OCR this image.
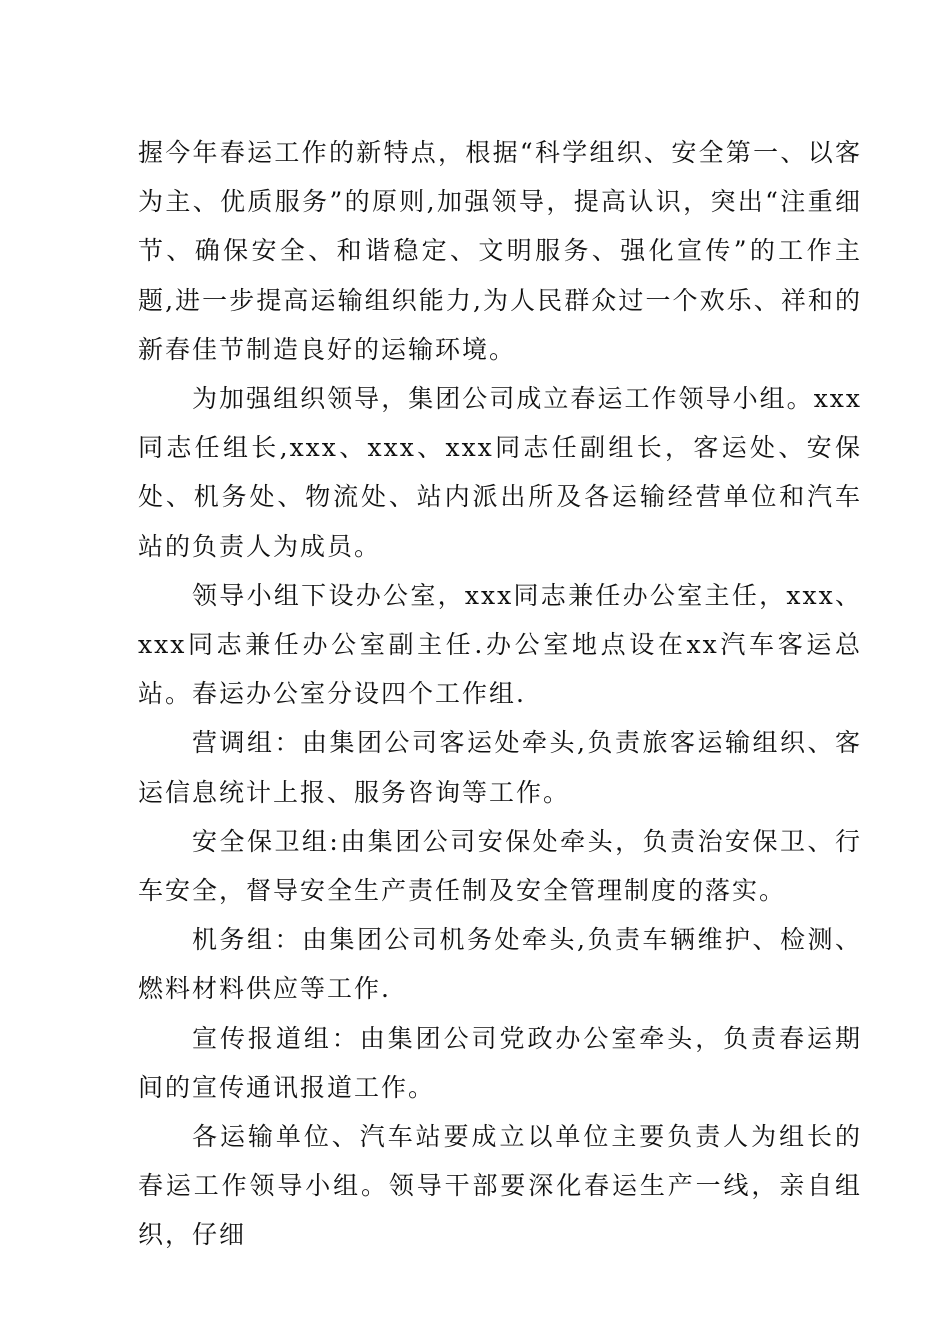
握今年春运工作的新特点，根据“科学组织、安全第一、以客为主、优质服务”的原则,加强领导，提高认识，突出“注重细节、确保安全、和谐稳定、文明服务、强化宣传”的工作主题,进一步提高运输组织能力,为人民群众过一个欢乐、祥和的新春佳节制造良好的运输环境。

为加强组织领导，集团公司成立春运工作领导小组。xxx同志任组长,xxx、xxx、xxx同志任副组长，客运处、安保处、机务处、物流处、站内派出所及各运输经营单位和汽车站的负责人为成员。

领导小组下设办公室，xxx同志兼任办公室主任，xxx、xxx同志兼任办公室副主任.办公室地点设在xx汽车客运总站。春运办公室分设四个工作组.

营调组：由集团公司客运处牵头,负责旅客运输组织、客运信息统计上报、服务咨询等工作。

安全保卫组:由集团公司安保处牵头，负责治安保卫、行车安全，督导安全生产责任制及安全管理制度的落实。

机务组：由集团公司机务处牵头,负责车辆维护、检测、燃料材料供应等工作.

宣传报道组：由集团公司党政办公室牵头，负责春运期间的宣传通讯报道工作。

各运输单位、汽车站要成立以单位主要负责人为组长的春运工作领导小组。领导干部要深化春运生产一线，亲自组织，仔细
